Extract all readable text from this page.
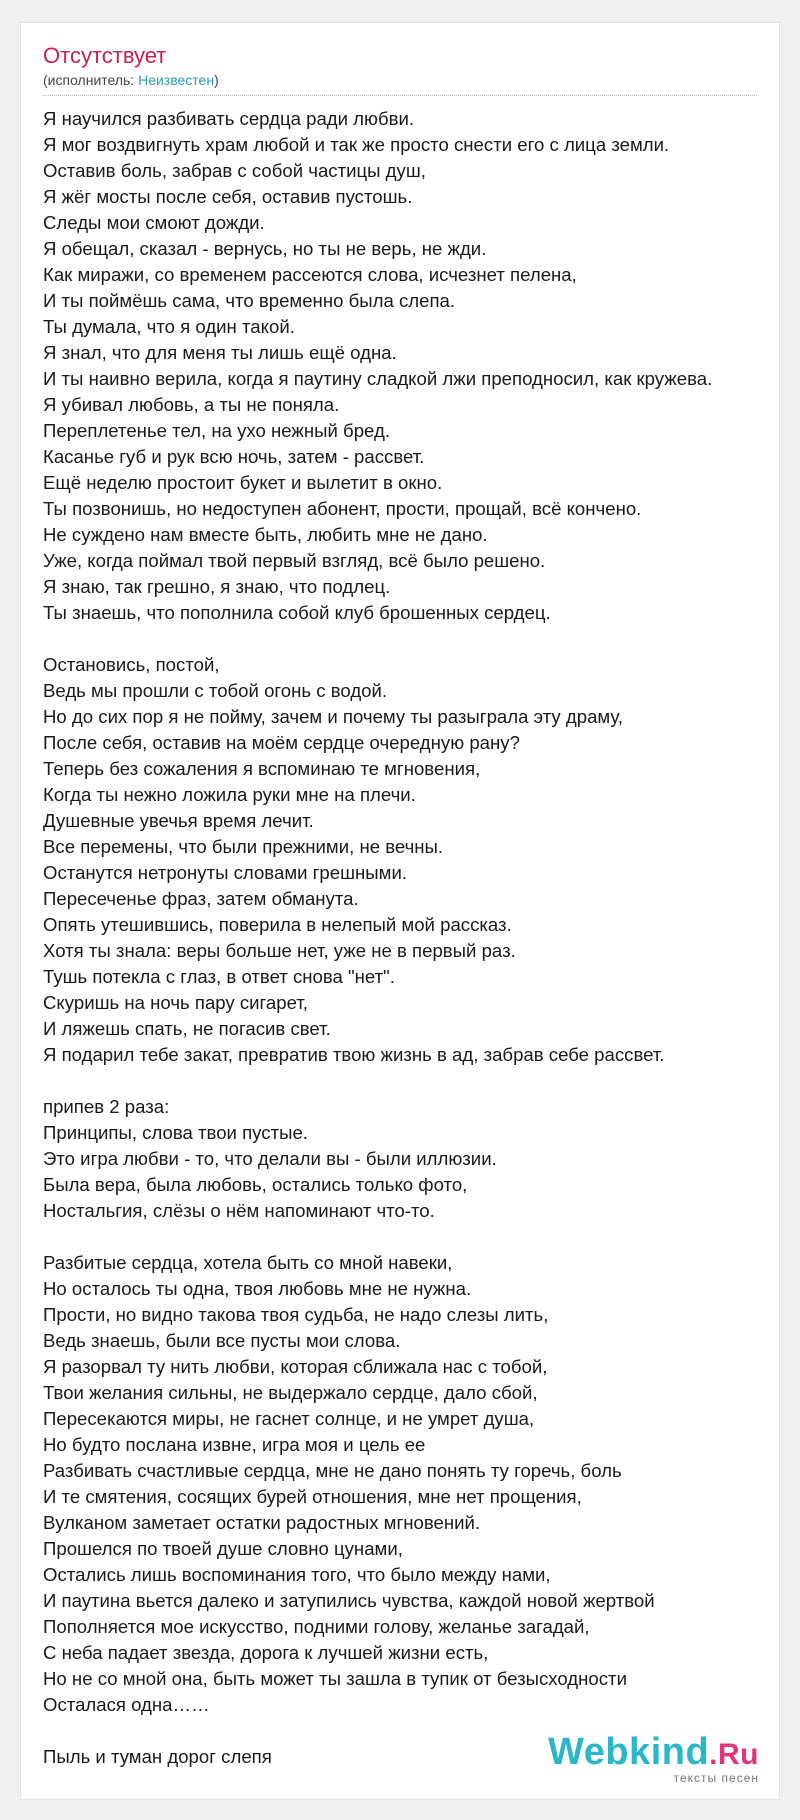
Отсутствует
(исполнитель: Неизвестен)
Я научился разбивать сердца ради любви.
Я мог воздвигнуть храм любой и так же просто снести его с лица земли.
Оставив боль, забрав с собой частицы душ,
Я жёг мосты после себя, оставив пустошь.
Следы мои смоют дожди.
Я обещал, сказал - вернусь, но ты не верь, не жди.
Как миражи, со временем рассеются слова, исчезнет пелена,
И ты поймёшь сама, что временно была слепа.
Ты думала, что я один такой.
Я знал, что для меня ты лишь ещё одна.
И ты наивно верила, когда я паутину сладкой лжи преподносил, как кружева.
Я убивал любовь, а ты не поняла.
Переплетенье тел, на ухо нежный бред.
Касанье губ и рук всю ночь, затем - рассвет.
Ещё неделю простоит букет и вылетит в окно.
Ты позвонишь, но недоступен абонент, прости, прощай, всё кончено.
Не суждено нам вместе быть, любить мне не дано.
Уже, когда поймал твой первый взгляд, всё было решено.
Я знаю, так грешно, я знаю, что подлец.
Ты знаешь, что пополнила собой клуб брошенных сердец.
Остановись, постой,
Ведь мы прошли с тобой огонь с водой.
Но до сих пор я не пойму, зачем и почему ты разыграла эту драму,
После себя, оставив на моём сердце очередную рану?
Теперь без сожаления я вспоминаю те мгновения,
Когда ты нежно ложила руки мне на плечи.
Душевные увечья время лечит.
Все перемены, что были прежними, не вечны.
Останутся нетронуты словами грешными.
Пересеченье фраз, затем обманута.
Опять утешившись, поверила в нелепый мой рассказ.
Хотя ты знала: веры больше нет, уже не в первый раз.
Тушь потекла с глаз, в ответ снова "нет".
Скуришь на ночь пару сигарет,
И ляжешь спать, не погасив свет.
Я подарил тебе закат, превратив твою жизнь в ад, забрав себе рассвет.
припев 2 раза:
Принципы, слова твои пустые.
Это игра любви - то, что делали вы - были иллюзии.
Была вера, была любовь, остались только фото,
Ностальгия, слёзы о нём напоминают что-то.
Разбитые сердца, хотела быть со мной навеки,
Но осталось ты одна, твоя любовь мне не нужна.
Прости, но видно такова твоя судьба, не надо слезы лить,
Ведь знаешь, были все пусты мои слова.
Я разорвал ту нить любви, которая сближала нас с тобой,
Твои желания сильны, не выдержало сердце, дало сбой,
Пересекаются миры, не гаснет солнце, и не умрет душа,
Но будто послана извне, игра моя и цель ее
Разбивать счастливые сердца, мне не дано понять ту горечь, боль
И те смятения, сосящих бурей отношения, мне нет прощения,
Вулканом заметает остатки радостных мгновений.
Прошелся по твоей душе словно цунами,
Остались лишь воспоминания того, что было между нами,
И паутина вьется далеко и затупились чувства, каждой новой жертвой
Пополняется мое искусство, подними голову, желанье загадай,
С неба падает звезда, дорога к лучшей жизни есть,
Но не со мной она, быть может ты зашла в тупик от безысходности
Осталася одна……
Пыль и туман дорог слепя	Webkind.Ru
тексты песен
